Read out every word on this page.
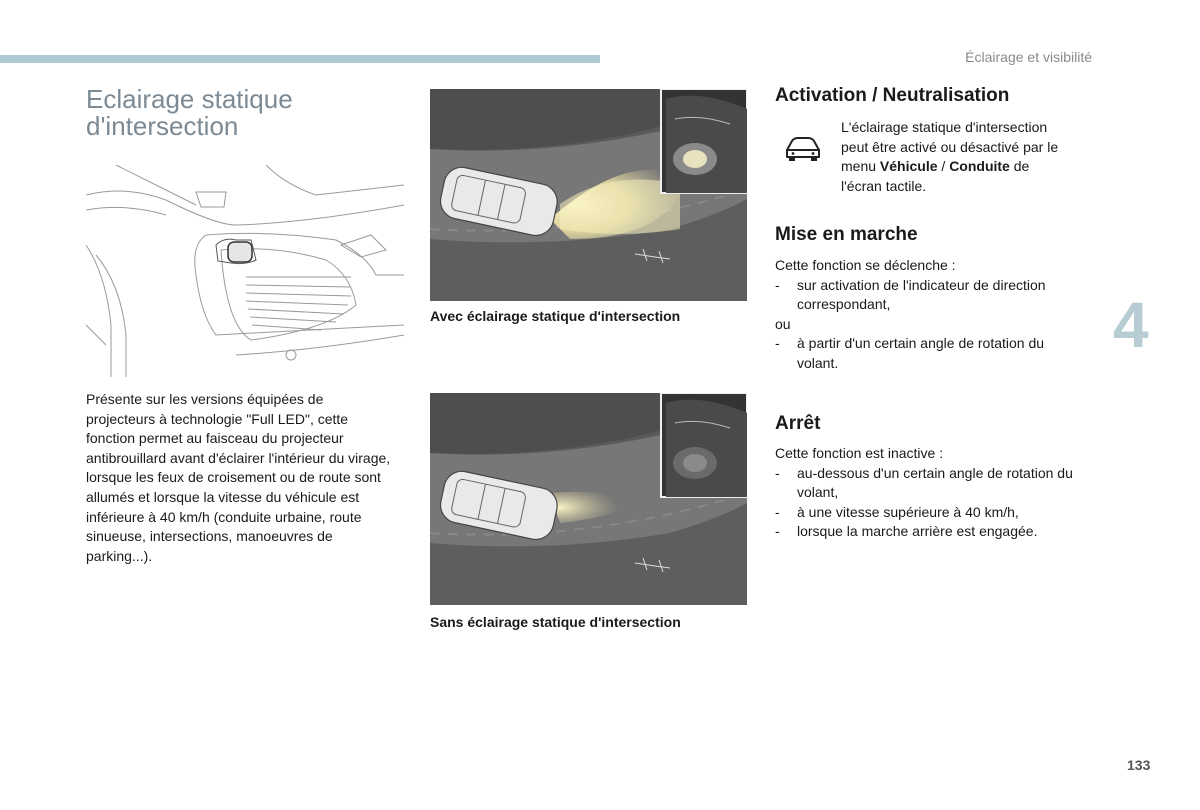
Éclairage et visibilité
Eclairage statique d'intersection

Présente sur les versions équipées de projecteurs à technologie "Full LED", cette fonction permet au faisceau du projecteur antibrouillard avant d'éclairer l'intérieur du virage, lorsque les feux de croisement ou de route sont allumés et lorsque la vitesse du véhicule est inférieure à 40 km/h (conduite urbaine, route sinueuse, intersections, manoeuvres de parking...).

Avec éclairage statique d'intersection
Sans éclairage statique d'intersection
Activation / Neutralisation

L'éclairage statique d'intersection peut être activé ou désactivé par le menu Véhicule / Conduite de l'écran tactile.

Mise en marche

Cette fonction se déclenche :

- sur activation de l'indicateur de direction correspondant,

ou

- à partir d'un certain angle de rotation du volant.
Arrêt

Cette fonction est inactive :

- au-dessous d'un certain angle de rotation du volant,
- à une vitesse supérieure à 40 km/h,
- lorsque la marche arrière est engagée.
4
133
